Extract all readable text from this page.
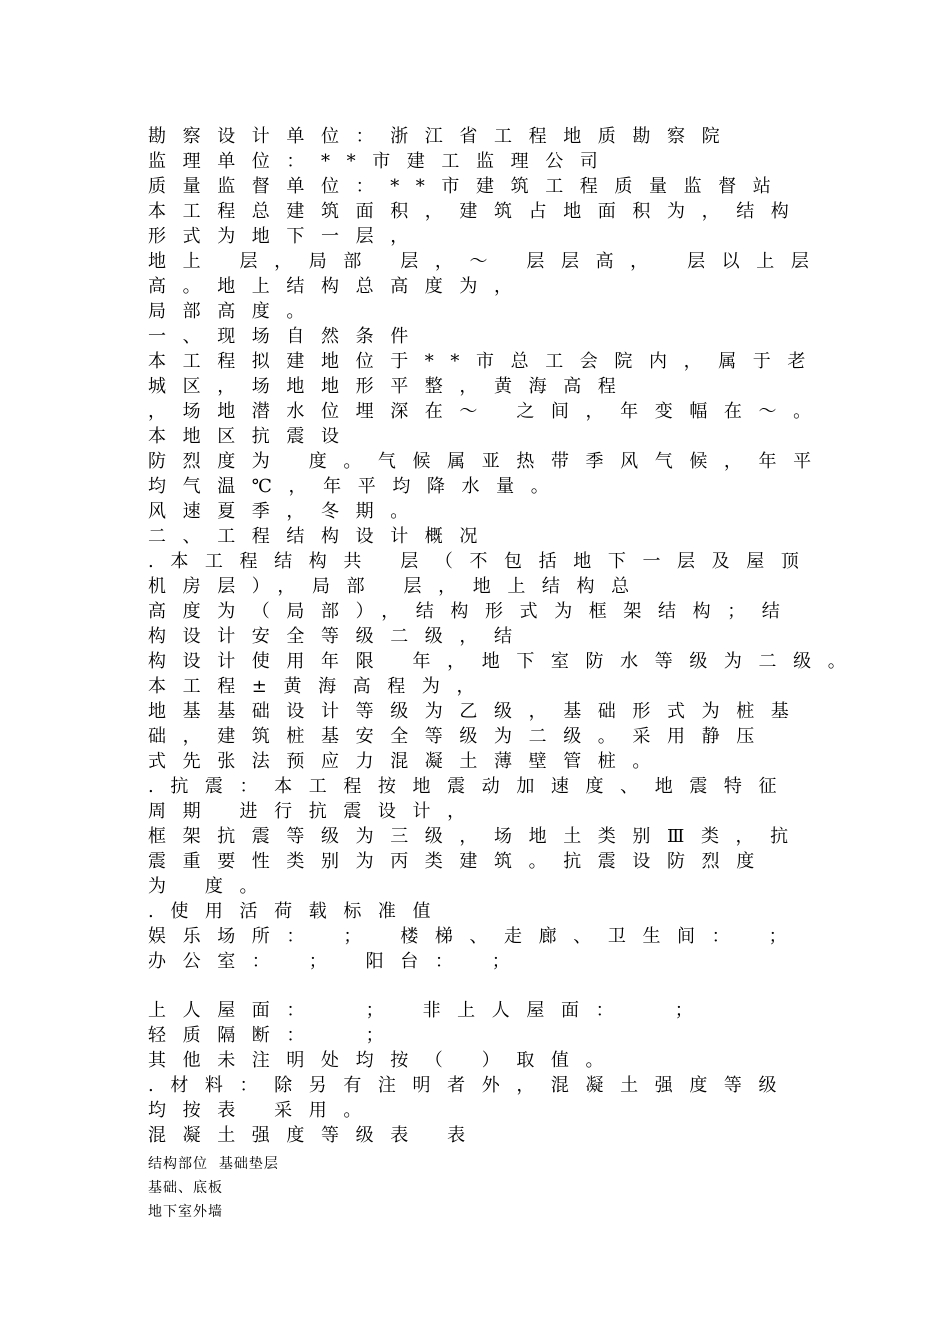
勘察设计单位：浙江省工程地质勘察院
监理单位：**市建工监理公司
质量监督单位：**市建筑工程质量监督站
本工程总建筑面积，建筑占地面积为，结构
形式为地下一层，
地上 层，局部 层，～ 层层高， 层以上层
高。地上结构总高度为，
局部高度。
一、现场自然条件
本工程拟建地位于**市总工会院内，属于老
城区，场地地形平整，黄海高程
，场地潜水位埋深在～ 之间，年变幅在～。
本地区抗震设
防烈度为 度。气候属亚热带季风气候，年平
均气温℃，年平均降水量。
风速夏季，冬期。
二、工程结构设计概况
.本工程结构共 层（不包括地下一层及屋顶
机房层），局部 层，地上结构总
高度为（局部），结构形式为框架结构；结
构设计安全等级二级，结
构设计使用年限 年，地下室防水等级为二级。
本工程±黄海高程为，
地基基础设计等级为乙级，基础形式为桩基
础，建筑桩基安全等级为二级。采用静压
式先张法预应力混凝土薄壁管桩。
.抗震：本工程按地震动加速度、地震特征
周期 进行抗震设计，
框架抗震等级为三级，场地土类别Ⅲ类，抗
震重要性类别为丙类建筑。抗震设防烈度
为 度。
.使用活荷载标准值
娱乐场所： ； 楼梯、走廊、卫生间： ；
办公室： ； 阳台： ；
上人屋面：  ； 非上人屋面：  ；
轻质隔断：  ；
其他未注明处均按（ ）取值。
.材料：除另有注明者外，混凝土强度等级
均按表 采用。
混凝土强度等级表 表
结构部位 基础垫层
基础、底板
地下室外墙
